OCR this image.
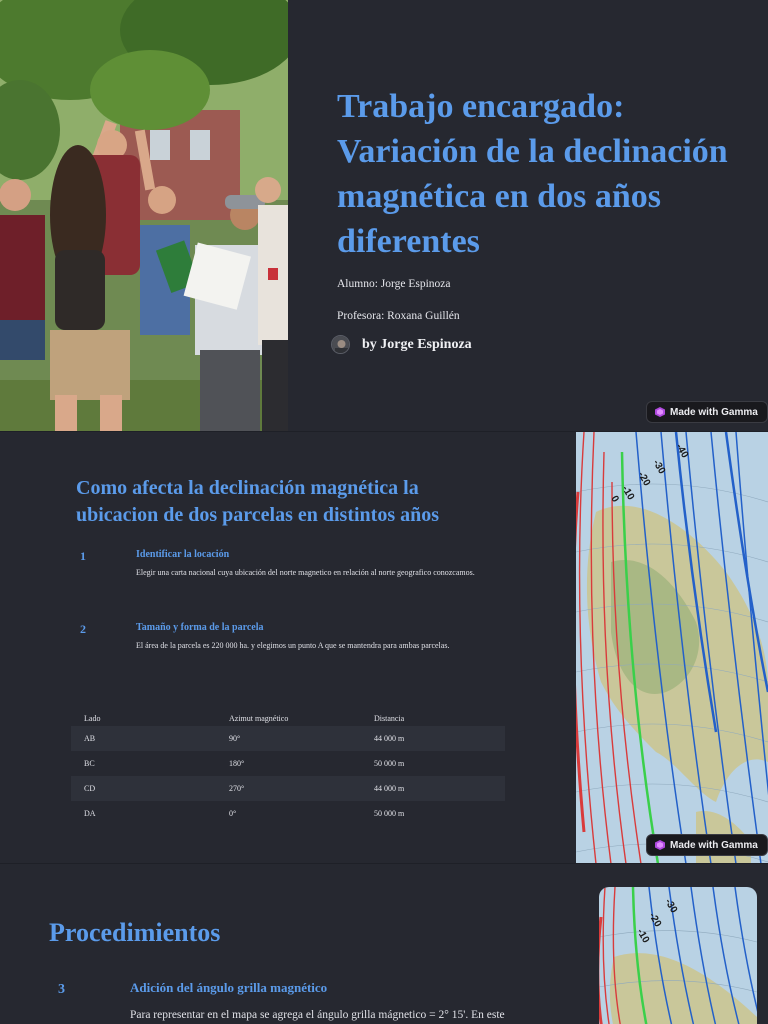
Trabajo encargado: Variación de la declinación magnética en dos años diferentes

Alumno: Jorge Espinoza

Profesora: Roxana Guillén

by Jorge Espinoza
Made with Gamma
Como afecta la declinación magnética la ubicacion de dos parcelas en distintos años
1	Identificar la locación

Elegir una carta nacional cuya ubicación del norte magnetico en relación al norte geografico conozcamos.

2	Tamaño y forma de la parcela

El área de la parcela es 220 000 ha. y elegimos un punto A que se mantendra para ambas parcelas.

Lado	Azimut magnético	Distancia
AB	90°	44 000 m
BC	180°	50 000 m
CD	270°	44 000 m
DA	0°	50 000 m
-40
-30
-20
-10
0
Made with Gamma
Procedimientos
3	Adición del ángulo grilla magnético

Para representar en el mapa se agrega el ángulo grilla mágnetico = 2° 15'. En este

-30
-20
-10
